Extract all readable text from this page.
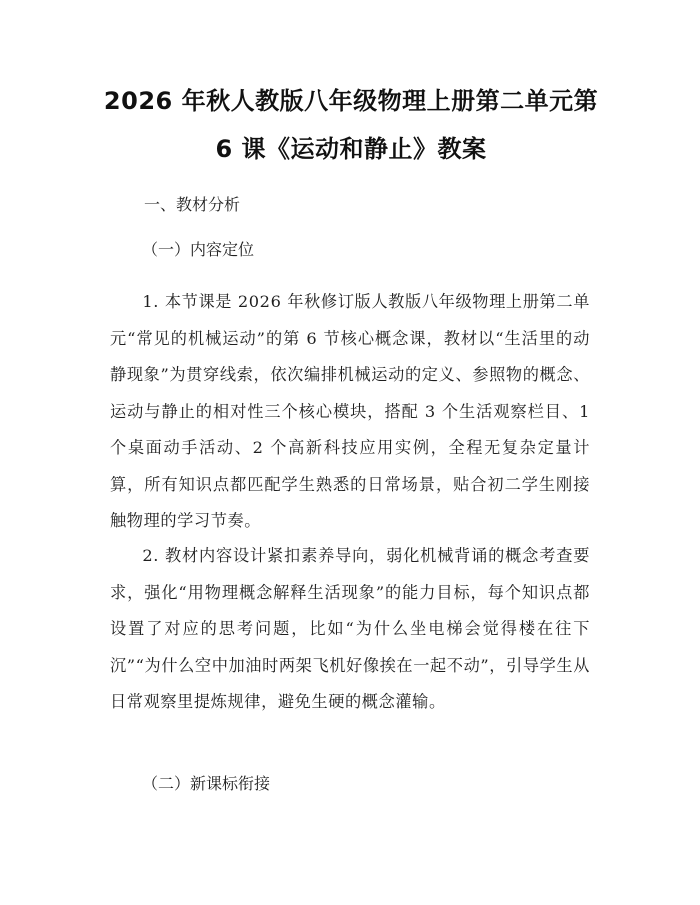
2026 年秋人教版八年级物理上册第二单元第
6 课《运动和静止》教案
一、教材分析
（一）内容定位
1. 本节课是 2026 年秋修订版人教版八年级物理上册第二单元“常见的机械运动”的第 6 节核心概念课，教材以“生活里的动静现象”为贯穿线索，依次编排机械运动的定义、参照物的概念、运动与静止的相对性三个核心模块，搭配 3 个生活观察栏目、1 个桌面动手活动、2 个高新科技应用实例，全程无复杂定量计算，所有知识点都匹配学生熟悉的日常场景，贴合初二学生刚接触物理的学习节奏。
2. 教材内容设计紧扣素养导向，弱化机械背诵的概念考查要求，强化“用物理概念解释生活现象”的能力目标，每个知识点都设置了对应的思考问题，比如“为什么坐电梯会觉得楼在往下沉”“为什么空中加油时两架飞机好像挨在一起不动”，引导学生从日常观察里提炼规律，避免生硬的概念灌输。
（二）新课标衔接
